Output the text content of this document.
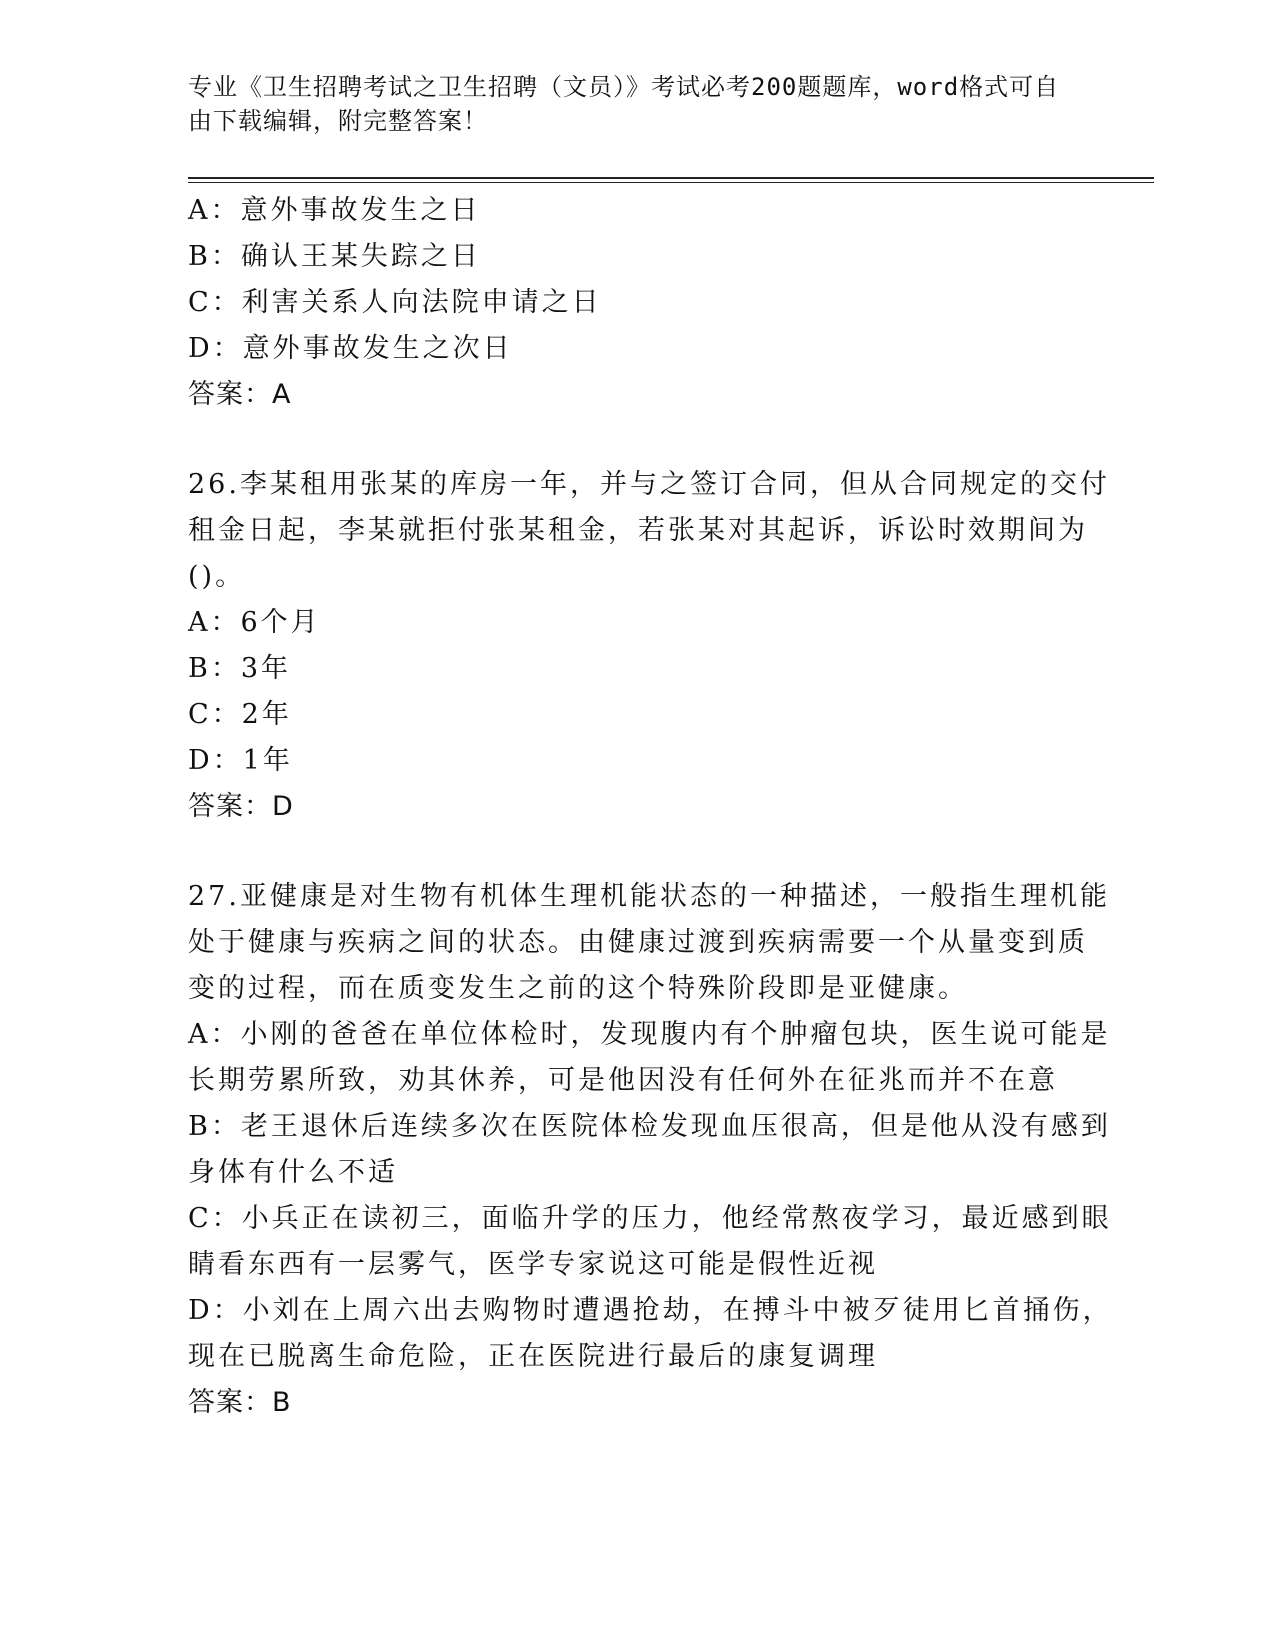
专业《卫生招聘考试之卫生招聘（文员）》考试必考200题题库，word格式可自
由下载编辑，附完整答案！

A：意外事故发生之日

B：确认王某失踪之日

C：利害关系人向法院申请之日

D：意外事故发生之次日

答案：A

26.李某租用张某的库房一年，并与之签订合同，但从合同规定的交付

租金日起，李某就拒付张某租金，若张某对其起诉，诉讼时效期间为

()。

A：6个月

B：3年

C：2年

D：1年

答案：D

27.亚健康是对生物有机体生理机能状态的一种描述，一般指生理机能

处于健康与疾病之间的状态。由健康过渡到疾病需要一个从量变到质

变的过程，而在质变发生之前的这个特殊阶段即是亚健康。

A：小刚的爸爸在单位体检时，发现腹内有个肿瘤包块，医生说可能是

长期劳累所致，劝其休养，可是他因没有任何外在征兆而并不在意

B：老王退休后连续多次在医院体检发现血压很高，但是他从没有感到

身体有什么不适

C：小兵正在读初三，面临升学的压力，他经常熬夜学习，最近感到眼

睛看东西有一层雾气，医学专家说这可能是假性近视

D：小刘在上周六出去购物时遭遇抢劫，在搏斗中被歹徒用匕首捅伤，

现在已脱离生命危险，正在医院进行最后的康复调理

答案：B
